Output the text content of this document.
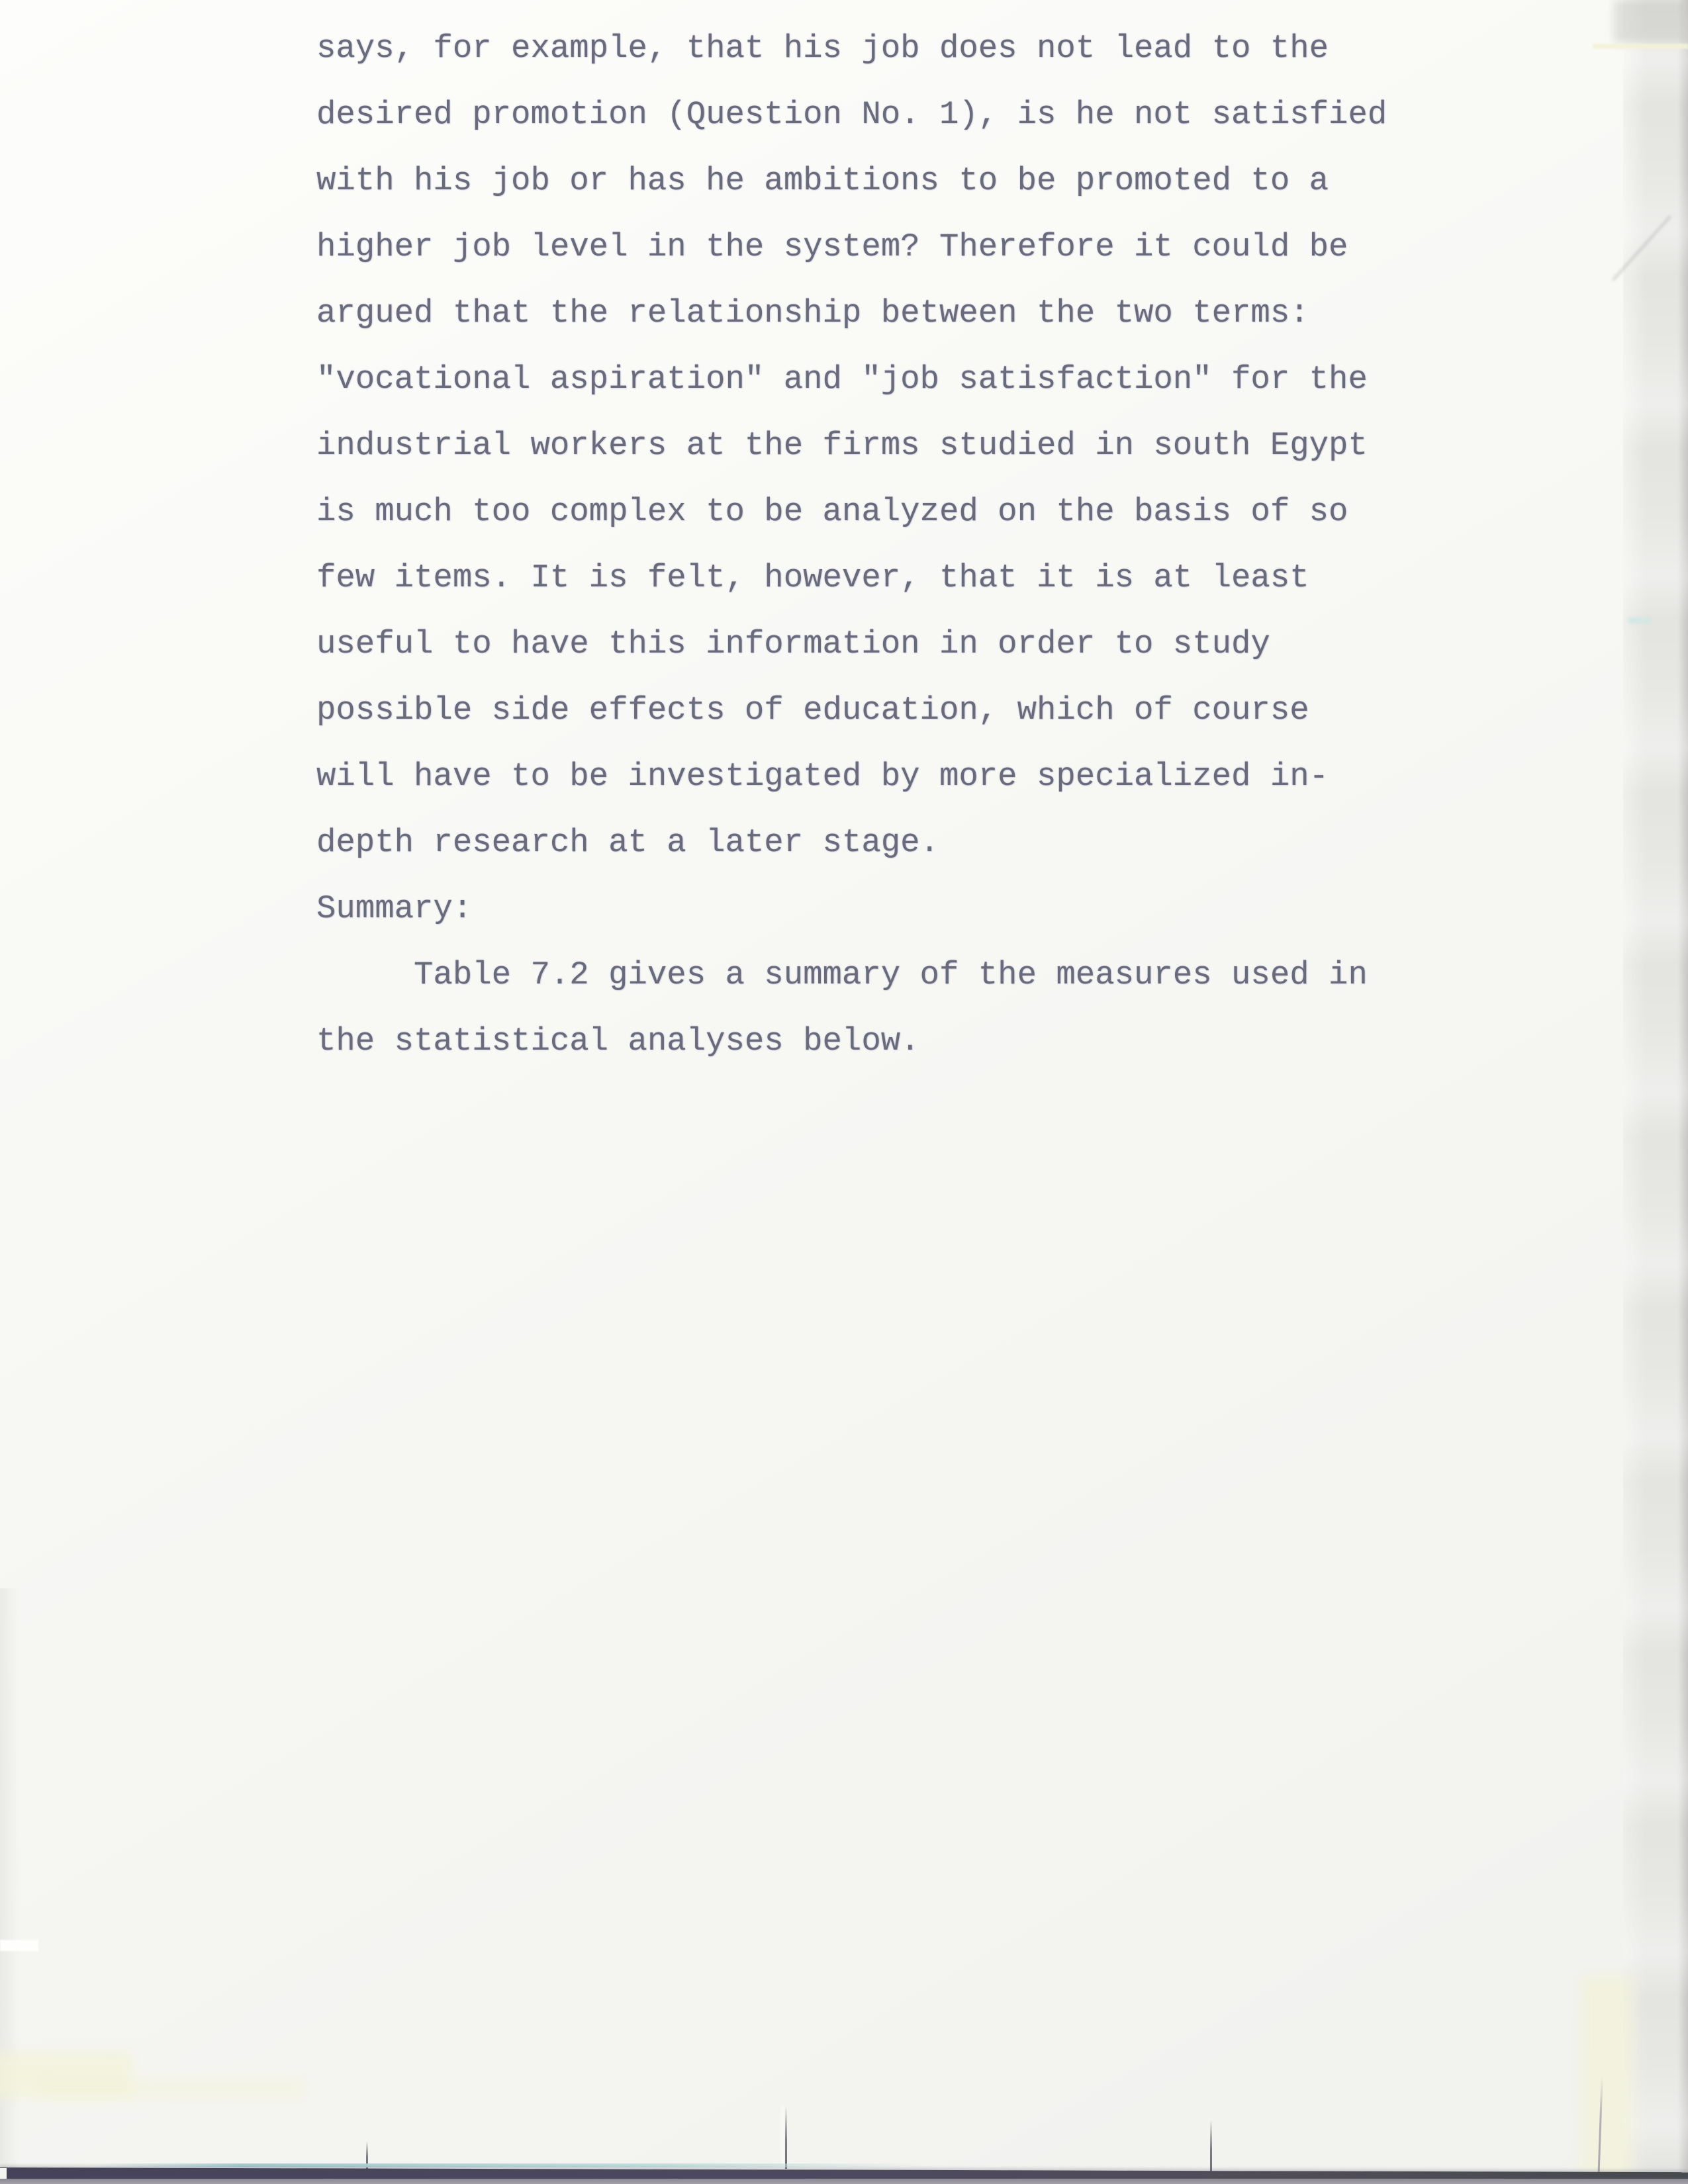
says, for example, that his job does not lead to the
desired promotion (Question No. 1), is he not satisfied
with his job or has he ambitions to be promoted to a
higher job level in the system? Therefore it could be
argued that the relationship between the two terms:
"vocational aspiration" and "job satisfaction" for the
industrial workers at the firms studied in south Egypt
is much too complex to be analyzed on the basis of so
few items. It is felt, however, that it is at least
useful to have this information in order to study
possible side effects of education, which of course
will have to be investigated by more specialized in-
depth research at a later stage.
Summary:
Table 7.2 gives a summary of the measures used in
the statistical analyses below.
